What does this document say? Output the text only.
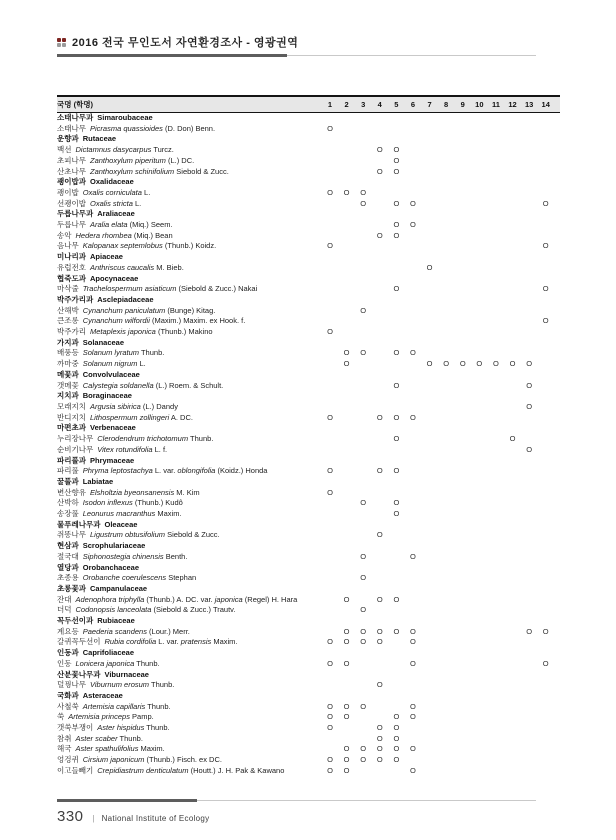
2016 전국 무인도서 자연환경조사 - 영광권역
국명 (학명)	1	2	3	4	5	6	7	8	9	10	11	12	13	14	
소태나무과 Simaroubaceae															
소태나무 Picrasma quassioides (D. Don) Benn.	O														
운향과 Rutaceae															
백선 Dictamnus dasycarpus Turcz.				O	O										
초피나무 Zanthoxylum piperitum (L.) DC.					O										
산초나무 Zanthoxylum schinifolium Siebold & Zucc.				O	O										
괭이밥과 Oxalidaceae															
괭이밥 Oxalis corniculata L.	O	O	O												
선괭이밥 Oxalis stricta L.			O		O	O								O	
두릅나무과 Araliaceae															
두릅나무 Aralia elata (Miq.) Seem.					O	O									
송악 Hedera rhombea (Miq.) Bean				O	O										
음나무 Kalopanax septemlobus (Thunb.) Koidz.	O													O	
미나리과 Apiaceae															
유럽전호 Anthriscus caucalis M. Bieb.							O								
협죽도과 Apocynaceae															
마삭줄 Trachelospermum asiaticum (Siebold & Zucc.) Nakai					O									O	
박주가리과 Asclepiadaceae															
산해박 Cynanchum paniculatum (Bunge) Kitag.			O												
큰조롱 Cynanchum wilfordii (Maxim.) Maxim. ex Hook. f.														O	
박주가리 Metaplexis japonica (Thunb.) Makino	O														
가지과 Solanaceae															
배풍등 Solanum lyratum Thunb.		O	O		O	O									
까마중 Solanum nigrum L.		O					O	O	O	O	O	O	O		
메꽃과 Convolvulaceae															
갯메꽃 Calystegia soldanella (L.) Roem. & Schult.					O								O		
지치과 Boraginaceae															
모래지치 Argusia sibirica (L.) Dandy													O		
반디지치 Lithospermum zollingeri A. DC.	O			O	O	O									
마편초과 Verbenaceae															
누리장나무 Clerodendrum trichotomum Thunb.					O							O			
순비기나무 Vitex rotundifolia L. f.													O		
파리풀과 Phrymaceae															
파리풀 Phryma leptostachya L. var. oblongifolia (Koidz.) Honda	O			O	O										
꿀풀과 Labiatae															
변산향유 Elsholtzia byeonsanensis M. Kim	O														
산박하 Isodon inflexus (Thunb.) Kudô			O		O										
송장풀 Leonurus macranthus Maxim.					O										
물푸레나무과 Oleaceae															
쥐똥나무 Ligustrum obtusifolium Siebold & Zucc.				O											
현삼과 Scrophulariaceae															
절국대 Siphonostegia chinensis Benth.			O			O									
열당과 Orobanchaceae															
초종용 Orobanche coerulescens Stephan			O												
초롱꽃과 Campanulaceae															
잔대 Adenophora triphylla (Thunb.) A. DC. var. japonica (Regel) H. Hara		O		O	O										
더덕 Codonopsis lanceolata (Siebold & Zucc.) Trautv.			O												
꼭두선이과 Rubiaceae															
계요등 Paederia scandens (Lour.) Merr.		O	O	O	O	O							O	O	
갈퀴꼭두선이 Rubia cordifolia L. var. pratensis Maxim.	O	O	O	O		O									
인동과 Caprifoliaceae															
인동 Lonicera japonica Thunb.	O	O				O								O	
산분꽃나무과 Viburnaceae															
덜꿩나무 Viburnum erosum Thunb.				O											
국화과 Asteraceae															
사철쑥 Artemisia capillaris Thunb.	O	O	O			O									
쑥 Artemisia princeps Pamp.	O	O			O	O									
갯쑥부쟁이 Aster hispidus Thunb.	O			O	O										
참취 Aster scaber Thunb.				O	O										
해국 Aster spathulifolius Maxim.		O	O	O	O	O									
엉겅퀴 Cirsium japonicum (Thunb.) Fisch. ex DC.	O	O	O	O	O										
이고들빼기 Crepidiastrum denticulatum (Houtt.) J. H. Pak & Kawano	O	O				O									
330 | National Institute of Ecology
